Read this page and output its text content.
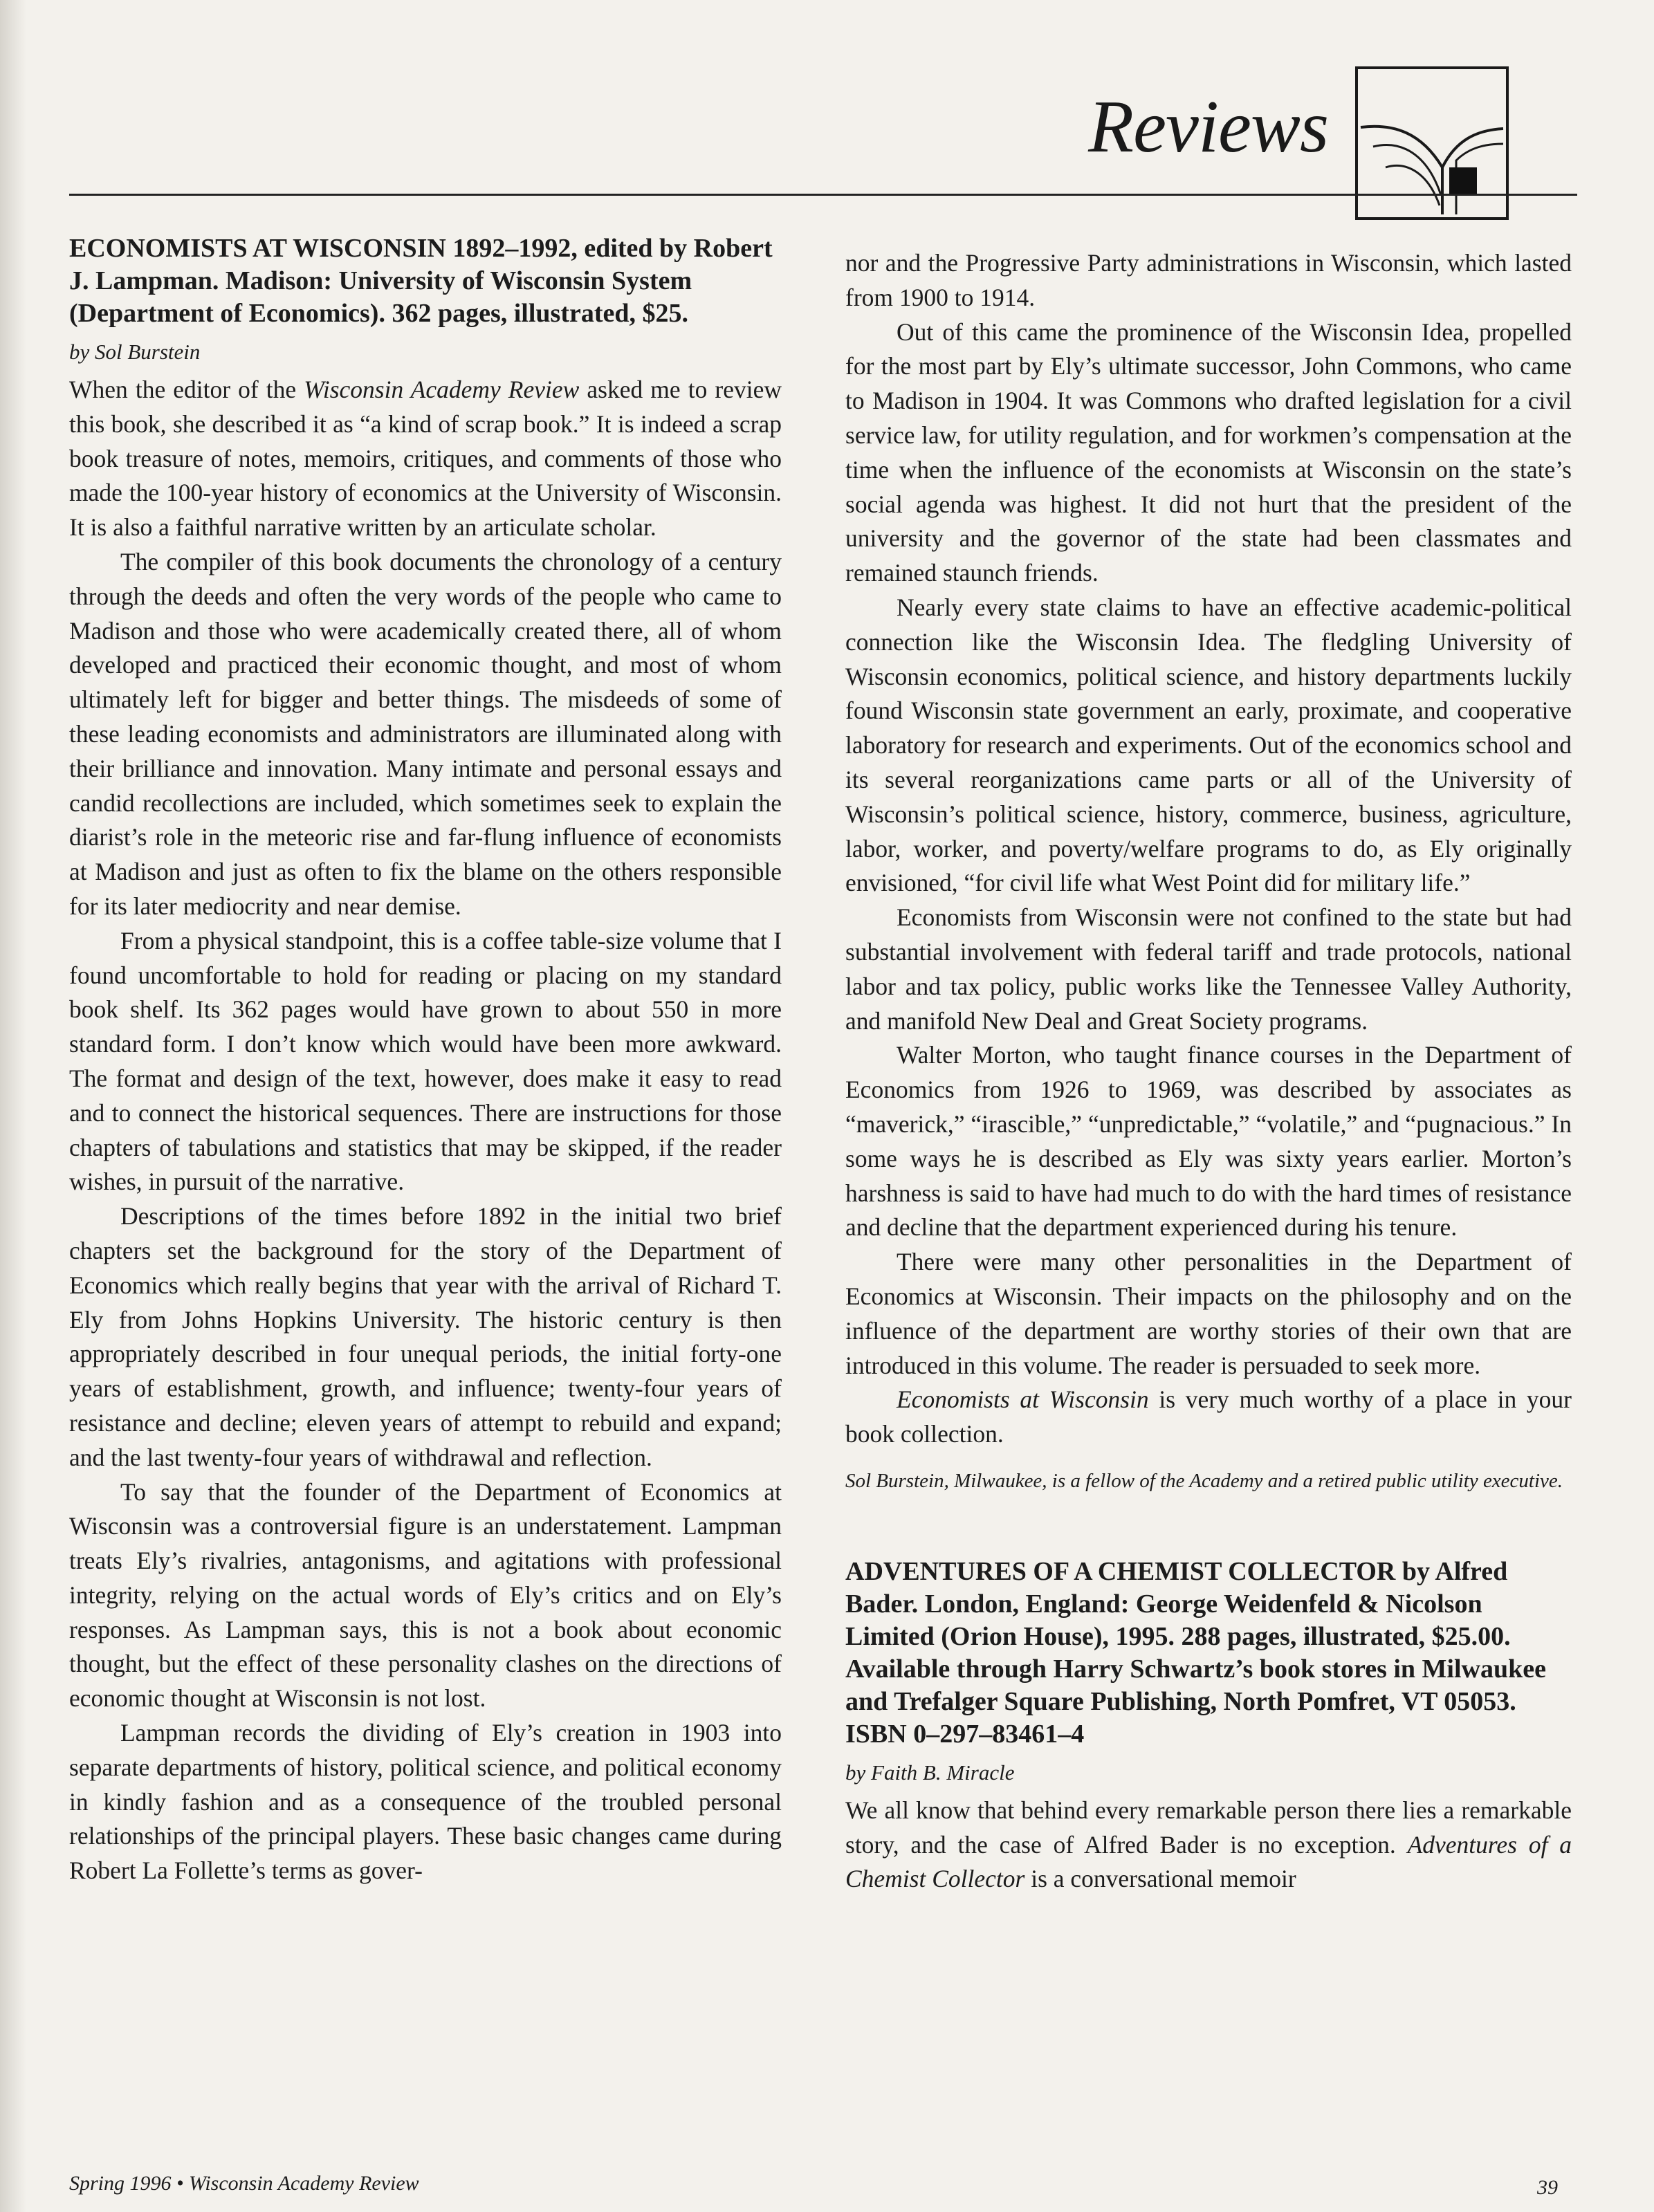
Reviews

ECONOMISTS AT WISCONSIN 1892–1992, edited by Robert J. Lampman. Madison: University of Wisconsin System (Department of Economics). 362 pages, illustrated, $25.

by Sol Burstein

When the editor of the Wisconsin Academy Review asked me to review this book, she described it as “a kind of scrap book.” It is indeed a scrap book treasure of notes, memoirs, critiques, and comments of those who made the 100-year history of economics at the University of Wisconsin. It is also a faithful narrative written by an articulate scholar.

The compiler of this book documents the chronology of a century through the deeds and often the very words of the people who came to Madison and those who were academically created there, all of whom developed and practiced their economic thought, and most of whom ultimately left for bigger and better things. The misdeeds of some of these leading economists and administrators are illuminated along with their brilliance and innovation. Many intimate and personal essays and candid recollections are included, which sometimes seek to explain the diarist’s role in the meteoric rise and far-flung influence of economists at Madison and just as often to fix the blame on the others responsible for its later mediocrity and near demise.

From a physical standpoint, this is a coffee table-size volume that I found uncomfortable to hold for reading or placing on my standard book shelf. Its 362 pages would have grown to about 550 in more standard form. I don’t know which would have been more awkward. The format and design of the text, however, does make it easy to read and to connect the historical sequences. There are instructions for those chapters of tabulations and statistics that may be skipped, if the reader wishes, in pursuit of the narrative.

Descriptions of the times before 1892 in the initial two brief chapters set the background for the story of the Department of Economics which really begins that year with the arrival of Richard T. Ely from Johns Hopkins University. The historic century is then appropriately described in four unequal periods, the initial forty-one years of establishment, growth, and influence; twenty-four years of resistance and decline; eleven years of attempt to rebuild and expand; and the last twenty-four years of withdrawal and reflection.

To say that the founder of the Department of Economics at Wisconsin was a controversial figure is an understatement. Lampman treats Ely’s rivalries, antagonisms, and agitations with professional integrity, relying on the actual words of Ely’s critics and on Ely’s responses. As Lampman says, this is not a book about economic thought, but the effect of these personality clashes on the directions of economic thought at Wisconsin is not lost.

Lampman records the dividing of Ely’s creation in 1903 into separate departments of history, political science, and political economy in kindly fashion and as a consequence of the troubled personal relationships of the principal players. These basic changes came during Robert La Follette’s terms as gover-

nor and the Progressive Party administrations in Wisconsin, which lasted from 1900 to 1914.

Out of this came the prominence of the Wisconsin Idea, propelled for the most part by Ely’s ultimate successor, John Commons, who came to Madison in 1904. It was Commons who drafted legislation for a civil service law, for utility regulation, and for workmen’s compensation at the time when the influence of the economists at Wisconsin on the state’s social agenda was highest. It did not hurt that the president of the university and the governor of the state had been classmates and remained staunch friends.

Nearly every state claims to have an effective academic-political connection like the Wisconsin Idea. The fledgling University of Wisconsin economics, political science, and history departments luckily found Wisconsin state government an early, proximate, and cooperative laboratory for research and experiments. Out of the economics school and its several reorganizations came parts or all of the University of Wisconsin’s political science, history, commerce, business, agriculture, labor, worker, and poverty/welfare programs to do, as Ely originally envisioned, “for civil life what West Point did for military life.”

Economists from Wisconsin were not confined to the state but had substantial involvement with federal tariff and trade protocols, national labor and tax policy, public works like the Tennessee Valley Authority, and manifold New Deal and Great Society programs.

Walter Morton, who taught finance courses in the Department of Economics from 1926 to 1969, was described by associates as “maverick,” “irascible,” “unpredictable,” “volatile,” and “pugnacious.” In some ways he is described as Ely was sixty years earlier. Morton’s harshness is said to have had much to do with the hard times of resistance and decline that the department experienced during his tenure.

There were many other personalities in the Department of Economics at Wisconsin. Their impacts on the philosophy and on the influence of the department are worthy stories of their own that are introduced in this volume. The reader is persuaded to seek more.

Economists at Wisconsin is very much worthy of a place in your book collection.

Sol Burstein, Milwaukee, is a fellow of the Academy and a retired public utility executive.

ADVENTURES OF A CHEMIST COLLECTOR by Alfred Bader. London, England: George Weidenfeld & Nicolson Limited (Orion House), 1995. 288 pages, illustrated, $25.00. Available through Harry Schwartz’s book stores in Milwaukee and Trefalger Square Publishing, North Pomfret, VT 05053. ISBN 0–297–83461–4

by Faith B. Miracle

We all know that behind every remarkable person there lies a remarkable story, and the case of Alfred Bader is no exception. Adventures of a Chemist Collector is a conversational memoir

Spring 1996 • Wisconsin Academy Review	39
